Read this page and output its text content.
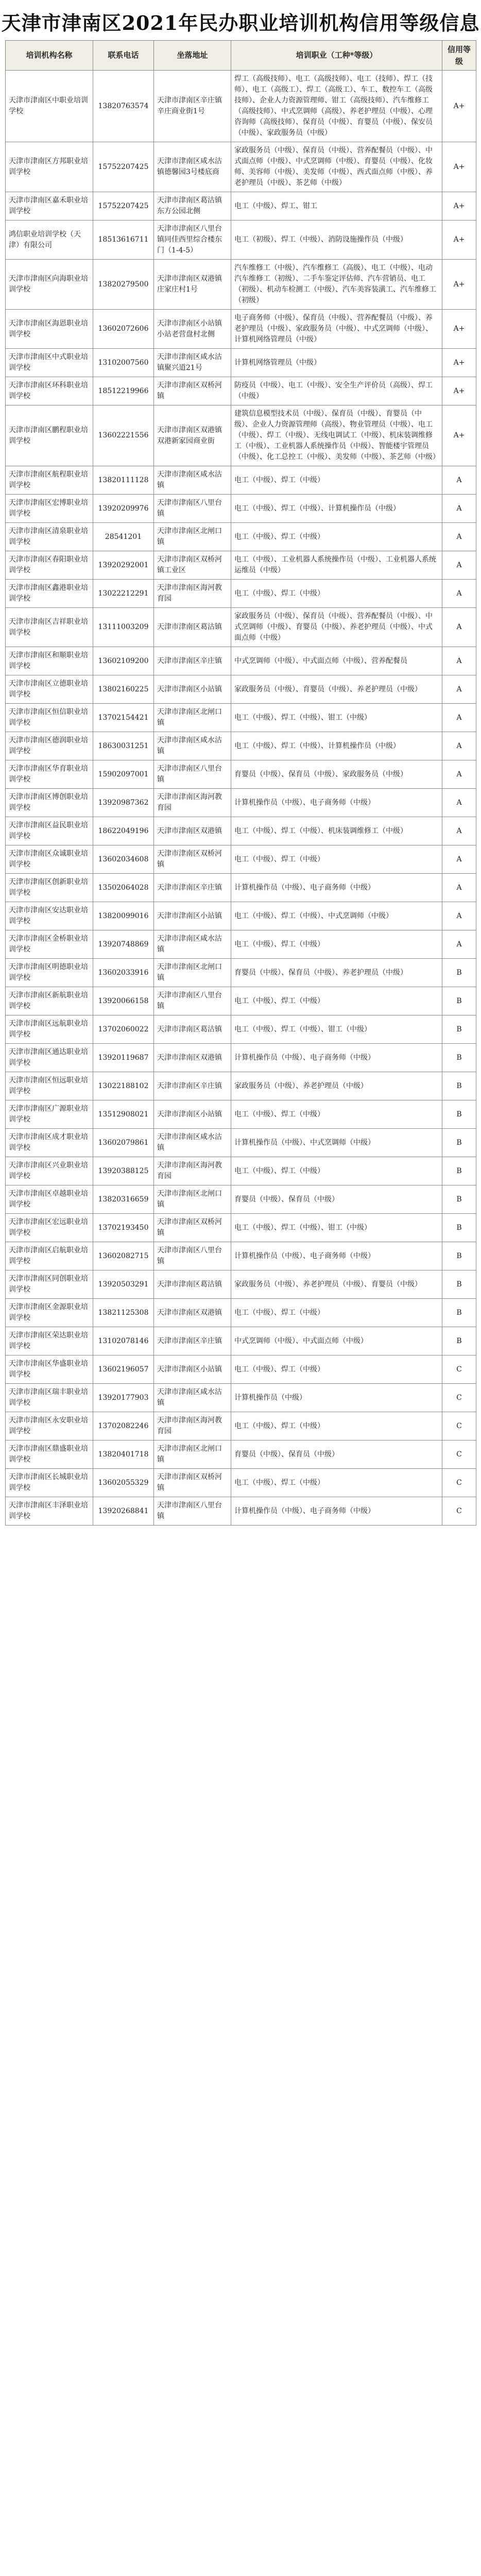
天津市津南区2021年民办职业培训机构信用等级信息
培训机构名称	联系电话	坐落地址	培训职业（工种*等级）	信用等级
天津市津南区中职业培训学校	13820763574	天津市津南区辛庄镇辛庄商业街1号	焊工（高级技师）、电工（高级技师）、电工（技师）、焊工（技师）、电工（高级工）、焊工（高级工）、车工、数控车工（高级技师）、企业人力资源管理师、钳工（高级技师）、汽车维修工（高级技师）、中式烹调师（高级）、养老护理员（中级）、心理咨询师（高级技师）、保育员（中级）、育婴员（中级）、保安员（中级）、家政服务员（中级）	A+
天津市津南区方邦职业培训学校	15752207425	天津市津南区咸水沽镇德馨园3号楼底商	家政服务员（中级）、保育员（中级）、营养配餐员（中级）、中式面点师（中级）、中式烹调师（中级）、育婴员（中级）、化妆师、美容师（中级）、美发师（中级）、西式面点师（中级）、养老护理员（中级）、茶艺师（中级）	A+
天津市津南区嘉禾职业培训学校	15752207425	天津市津南区葛沽镇东方公园北侧	电工（中级）、焊工、钳工	A+
鸿信职业培训学校（天津）有限公司	18513616711	天津市津南区八里台镇同佳西里综合楼东门（1-4-5）	电工（初级）、焊工（中级）、消防设施操作员（中级）	A+
天津市津南区向海职业培训学校	13820279500	天津市津南区双港镇庄家庄村1号	汽车维修工（中级）、汽车维修工（高级）、电工（中级）、电动汽车维修工（初级）、二手车鉴定评估师、汽车营销员、电工（初级）、机动车检测工（中级）、汽车美容装潢工、汽车维修工（初级）	A+
天津市津南区海恩职业培训学校	13602072606	天津市津南区小站镇小站老营盘村北侧	电子商务师（中级）、保育员（中级）、营养配餐员（中级）、养老护理员（中级）、家政服务员（中级）、中式烹调师（中级）、计算机网络管理员（中级）	A+
天津市津南区中式职业培训学校	13102007560	天津市津南区咸水沽镇聚兴道21号	计算机网络管理员（中级）	A+
天津市津南区环科职业培训学校	18512219966	天津市津南区双桥河镇	防疫员（中级）、电工（中级）、安全生产评价员（高级）、焊工（中级）	A+
天津市津南区鹏程职业培训学校	13602221556	天津市津南区双港镇双港新家园商业街	建筑信息模型技术员（中级）、保育员（中级）、育婴员（中级）、企业人力资源管理师（高级）、物业管理员（中级）、电工（中级）、焊工（中级）、无线电调试工（中级）、机床装调维修工（中级）、工业机器人系统操作员（中级）、智能楼宇管理员（中级）、化工总控工（中级）、美发师（中级）、茶艺师（中级）	A+
天津市津南区航程职业培训学校	13820111128	天津市津南区咸水沽镇	电工（中级）、焊工（中级）	A
天津市津南区宏博职业培训学校	13920209976	天津市津南区八里台镇	电工（中级）、焊工（中级）、计算机操作员（中级）	A
天津市津南区清泉职业培训学校	28541201	天津市津南区北闸口镇	电工（中级）、焊工（中级）	A
天津市津南区春阳职业培训学校	13920292001	天津市津南区双桥河镇工业区	电工（中级）、工业机器人系统操作员（中级）、工业机器人系统运维员（中级）	A
天津市津南区鑫港职业培训学校	13022212291	天津市津南区海河教育园	电工（中级）、焊工（中级）	A
天津市津南区吉祥职业培训学校	13111003209	天津市津南区葛沽镇	家政服务员（中级）、保育员（中级）、营养配餐员（中级）、中式烹调师（中级）、育婴员（中级）、养老护理员（中级）、中式面点师（中级）	A
天津市津南区和顺职业培训学校	13602109200	天津市津南区辛庄镇	中式烹调师（中级）、中式面点师（中级）、营养配餐员	A
天津市津南区立德职业培训学校	13802160225	天津市津南区小站镇	家政服务员（中级）、育婴员（中级）、养老护理员（中级）	A
天津市津南区恒信职业培训学校	13702154421	天津市津南区北闸口镇	电工（中级）、焊工（中级）、钳工（中级）	A
天津市津南区德润职业培训学校	18630031251	天津市津南区咸水沽镇	电工（中级）、焊工（中级）、计算机操作员（中级）	A
天津市津南区华育职业培训学校	15902097001	天津市津南区八里台镇	育婴员（中级）、保育员（中级）、家政服务员（中级）	A
天津市津南区博创职业培训学校	13920987362	天津市津南区海河教育园	计算机操作员（中级）、电子商务师（中级）	A
天津市津南区益民职业培训学校	18622049196	天津市津南区双港镇	电工（中级）、焊工（中级）、机床装调维修工（中级）	A
天津市津南区众诚职业培训学校	13602034608	天津市津南区双桥河镇	电工（中级）、焊工（中级）	A
天津市津南区创新职业培训学校	13502064028	天津市津南区辛庄镇	计算机操作员（中级）、电子商务师（中级）	A
天津市津南区安达职业培训学校	13820099016	天津市津南区小站镇	电工（中级）、焊工（中级）、中式烹调师（中级）	A
天津市津南区金桥职业培训学校	13920748869	天津市津南区咸水沽镇	电工（中级）、焊工（中级）	A
天津市津南区明德职业培训学校	13602033916	天津市津南区北闸口镇	育婴员（中级）、保育员（中级）、养老护理员（中级）	B
天津市津南区新航职业培训学校	13920066158	天津市津南区八里台镇	电工（中级）、焊工（中级）	B
天津市津南区远航职业培训学校	13702060022	天津市津南区葛沽镇	电工（中级）、焊工（中级）、钳工（中级）	B
天津市津南区通达职业培训学校	13920119687	天津市津南区双港镇	计算机操作员（中级）、电子商务师（中级）	B
天津市津南区恒远职业培训学校	13022188102	天津市津南区辛庄镇	家政服务员（中级）、养老护理员（中级）	B
天津市津南区广源职业培训学校	13512908021	天津市津南区小站镇	电工（中级）、焊工（中级）	B
天津市津南区成才职业培训学校	13602079861	天津市津南区咸水沽镇	计算机操作员（中级）、中式烹调师（中级）	B
天津市津南区兴业职业培训学校	13920388125	天津市津南区海河教育园	电工（中级）、焊工（中级）	B
天津市津南区卓越职业培训学校	13820316659	天津市津南区北闸口镇	育婴员（中级）、保育员（中级）	B
天津市津南区宏远职业培训学校	13702193450	天津市津南区双桥河镇	电工（中级）、焊工（中级）、钳工（中级）	B
天津市津南区启航职业培训学校	13602082715	天津市津南区八里台镇	计算机操作员（中级）、电子商务师（中级）	B
天津市津南区同创职业培训学校	13920503291	天津市津南区葛沽镇	家政服务员（中级）、养老护理员（中级）、育婴员（中级）	B
天津市津南区金源职业培训学校	13821125308	天津市津南区双港镇	电工（中级）、焊工（中级）	B
天津市津南区荣达职业培训学校	13102078146	天津市津南区辛庄镇	中式烹调师（中级）、中式面点师（中级）	B
天津市津南区华盛职业培训学校	13602196057	天津市津南区小站镇	电工（中级）、焊工（中级）	C
天津市津南区瑞丰职业培训学校	13920177903	天津市津南区咸水沽镇	计算机操作员（中级）	C
天津市津南区永安职业培训学校	13702082246	天津市津南区海河教育园	电工（中级）、焊工（中级）	C
天津市津南区鼎盛职业培训学校	13820401718	天津市津南区北闸口镇	育婴员（中级）、保育员（中级）	C
天津市津南区长城职业培训学校	13602055329	天津市津南区双桥河镇	电工（中级）、焊工（中级）	C
天津市津南区丰泽职业培训学校	13920268841	天津市津南区八里台镇	计算机操作员（中级）、电子商务师（中级）	C
